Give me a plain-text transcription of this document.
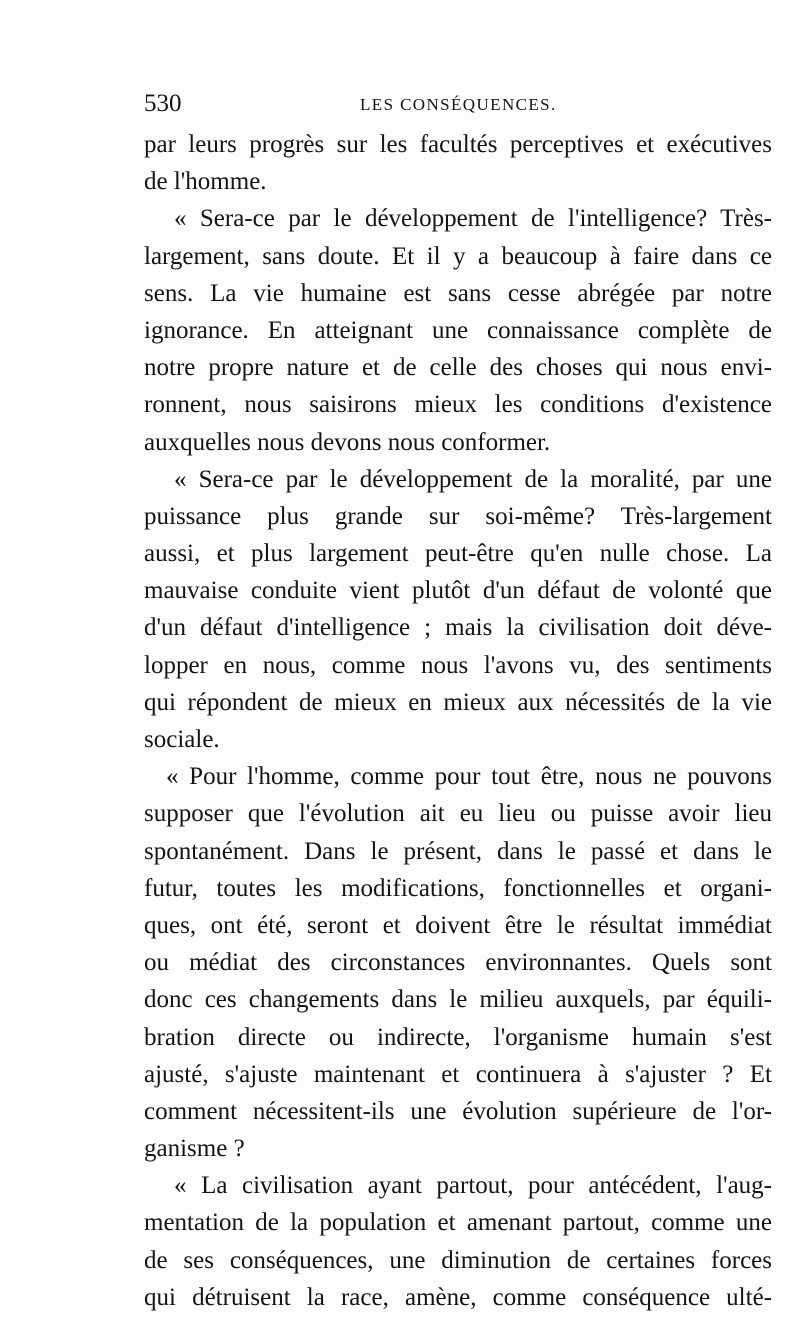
530	LES CONSÉQUENCES.
par leurs progrès sur les facultés perceptives et exécutives
de l'homme.
« Sera-ce par le développement de l'intelligence? Très-
largement, sans doute. Et il y a beaucoup à faire dans ce
sens. La vie humaine est sans cesse abrégée par notre
ignorance. En atteignant une connaissance complète de
notre propre nature et de celle des choses qui nous envi-
ronnent, nous saisirons mieux les conditions d'existence
auxquelles nous devons nous conformer.
« Sera-ce par le développement de la moralité, par une
puissance plus grande sur soi-même? Très-largement
aussi, et plus largement peut-être qu'en nulle chose. La
mauvaise conduite vient plutôt d'un défaut de volonté que
d'un défaut d'intelligence ; mais la civilisation doit déve-
lopper en nous, comme nous l'avons vu, des sentiments
qui répondent de mieux en mieux aux nécessités de la vie
sociale.
« Pour l'homme, comme pour tout être, nous ne pouvons
supposer que l'évolution ait eu lieu ou puisse avoir lieu
spontanément. Dans le présent, dans le passé et dans le
futur, toutes les modifications, fonctionnelles et organi-
ques, ont été, seront et doivent être le résultat immédiat
ou médiat des circonstances environnantes. Quels sont
donc ces changements dans le milieu auxquels, par équili-
bration directe ou indirecte, l'organisme humain s'est
ajusté, s'ajuste maintenant et continuera à s'ajuster ? Et
comment nécessitent-ils une évolution supérieure de l'or-
ganisme ?
« La civilisation ayant partout, pour antécédent, l'aug-
mentation de la population et amenant partout, comme une
de ses conséquences, une diminution de certaines forces
qui détruisent la race, amène, comme conséquence ulté-
